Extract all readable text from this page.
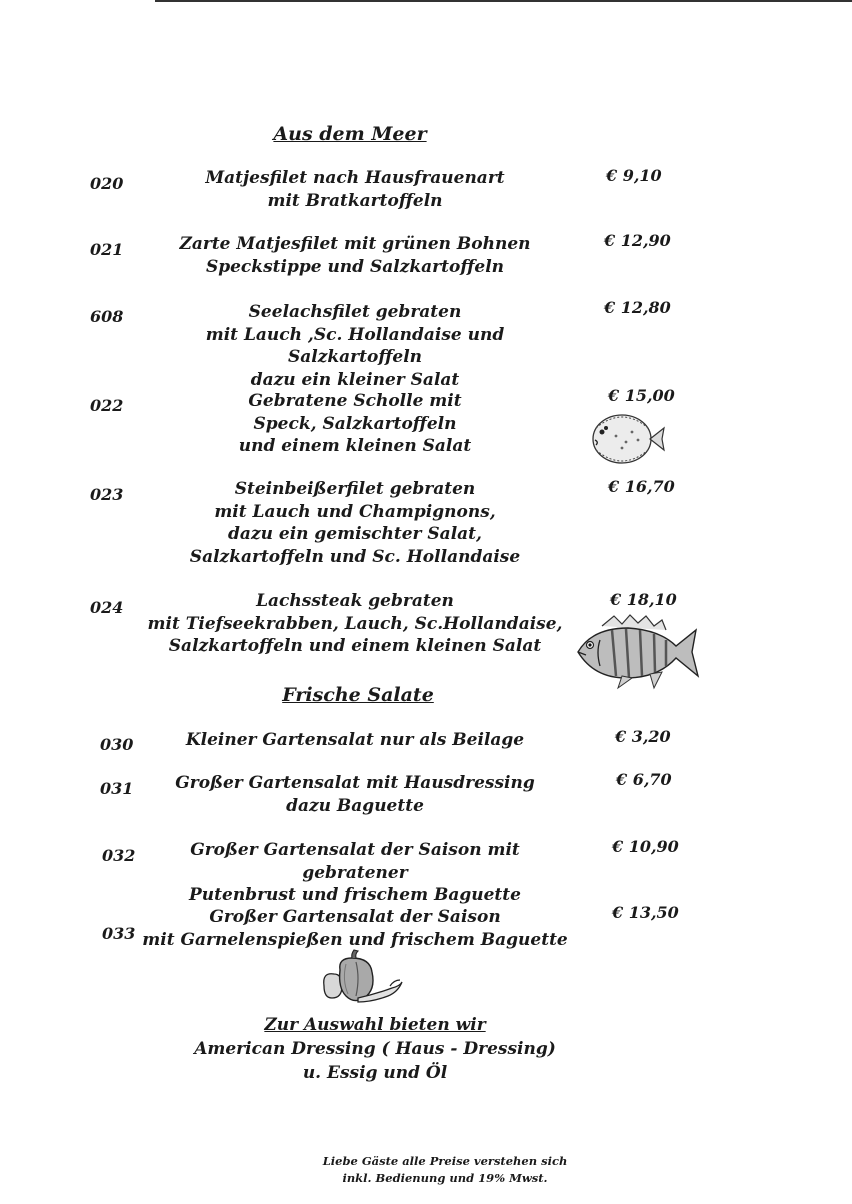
Aus dem Meer
020	Matjesfilet nach Hausfrauenart
mit Bratkartoffeln
€ 9,10
021	Zarte Matjesfilet mit grünen Bohnen
Speckstippe und Salzkartoffeln
€ 12,90
608	Seelachsfilet gebraten
mit Lauch ,Sc. Hollandaise und Salzkartoffeln
dazu ein kleiner Salat
€ 12,80
022	Gebratene Scholle mit
Speck, Salzkartoffeln
und einem kleinen Salat
€ 15,00
023	Steinbeißerfilet gebraten
mit Lauch und Champignons,
dazu ein gemischter Salat,
Salzkartoffeln und Sc. Hollandaise
€ 16,70
024	Lachssteak gebraten
mit Tiefseekrabben, Lauch, Sc.Hollandaise,
Salzkartoffeln und einem kleinen Salat
€ 18,10
Frische Salate
030	Kleiner Gartensalat nur als Beilage	€ 3,20
031	Großer Gartensalat mit Hausdressing
dazu Baguette
€ 6,70
032	Großer Gartensalat der Saison mit gebratener
Putenbrust und frischem Baguette
€ 10,90
033
Großer Gartensalat der Saison
mit Garnelenspießen und frischem Baguette
€ 13,50
Zur Auswahl bieten wir
American Dressing ( Haus - Dressing)
u. Essig und Öl
Liebe Gäste alle Preise verstehen sich
inkl. Bedienung und 19% Mwst.
